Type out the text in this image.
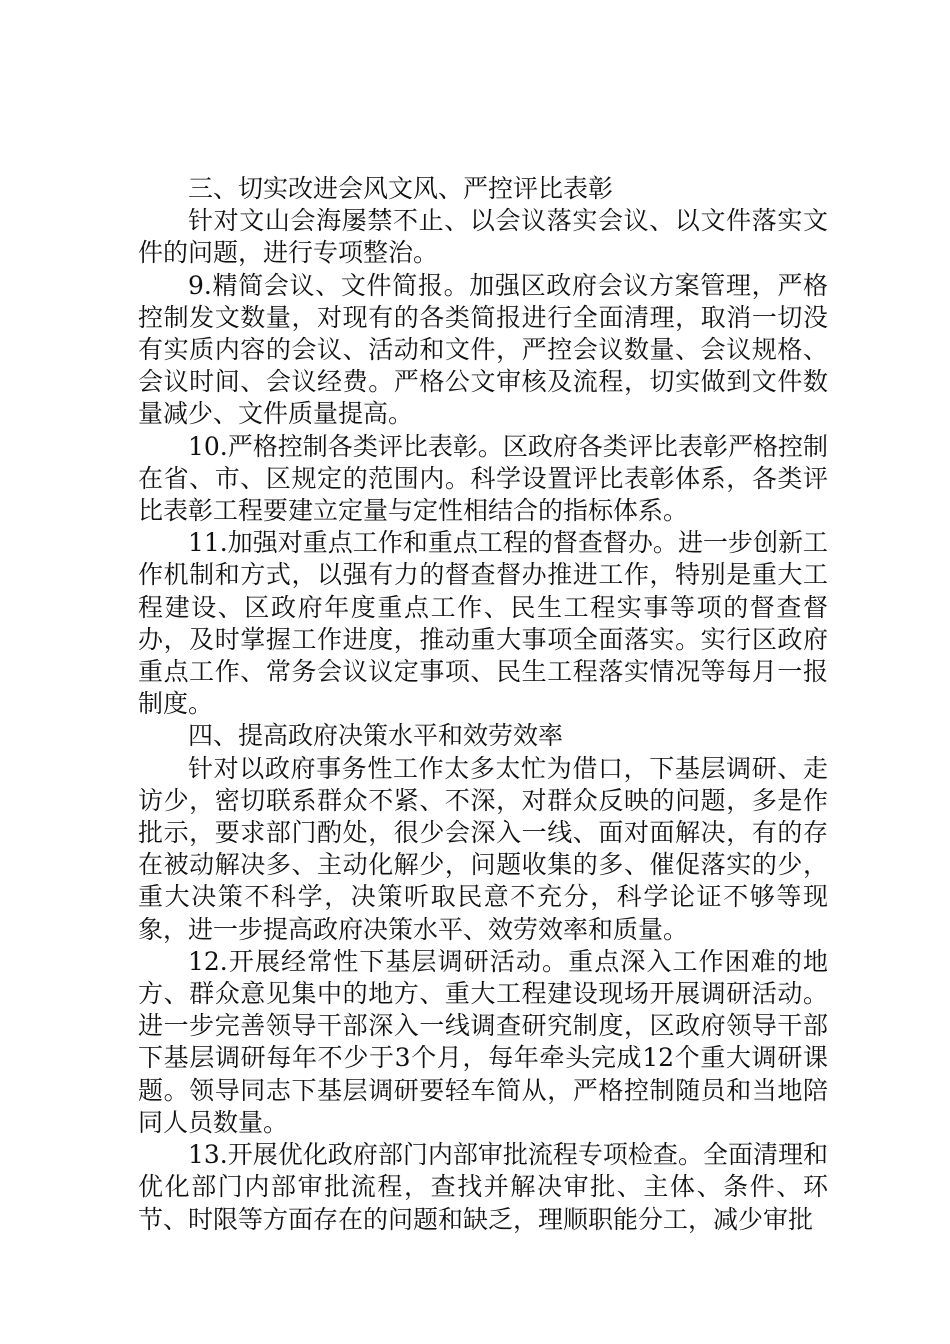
三、切实改进会风文风、严控评比表彰

针对文山会海屡禁不止、以会议落实会议、以文件落实文件的问题，进行专项整治。

9.精简会议、文件简报。加强区政府会议方案管理，严格控制发文数量，对现有的各类简报进行全面清理，取消一切没有实质内容的会议、活动和文件，严控会议数量、会议规格、会议时间、会议经费。严格公文审核及流程，切实做到文件数量减少、文件质量提高。

10.严格控制各类评比表彰。区政府各类评比表彰严格控制在省、市、区规定的范围内。科学设置评比表彰体系，各类评比表彰工程要建立定量与定性相结合的指标体系。

11.加强对重点工作和重点工程的督查督办。进一步创新工作机制和方式，以强有力的督查督办推进工作，特别是重大工程建设、区政府年度重点工作、民生工程实事等项的督查督办，及时掌握工作进度，推动重大事项全面落实。实行区政府重点工作、常务会议议定事项、民生工程落实情况等每月一报制度。

四、提高政府决策水平和效劳效率

针对以政府事务性工作太多太忙为借口，下基层调研、走访少，密切联系群众不紧、不深，对群众反映的问题，多是作批示，要求部门酌处，很少会深入一线、面对面解决，有的存在被动解决多、主动化解少，问题收集的多、催促落实的少，重大决策不科学，决策听取民意不充分，科学论证不够等现象，进一步提高政府决策水平、效劳效率和质量。

12.开展经常性下基层调研活动。重点深入工作困难的地方、群众意见集中的地方、重大工程建设现场开展调研活动。进一步完善领导干部深入一线调查研究制度，区政府领导干部下基层调研每年不少于3个月，每年牵头完成12个重大调研课题。领导同志下基层调研要轻车简从，严格控制随员和当地陪同人员数量。

13.开展优化政府部门内部审批流程专项检查。全面清理和优化部门内部审批流程，查找并解决审批、主体、条件、环节、时限等方面存在的问题和缺乏，理顺职能分工，减少审批
